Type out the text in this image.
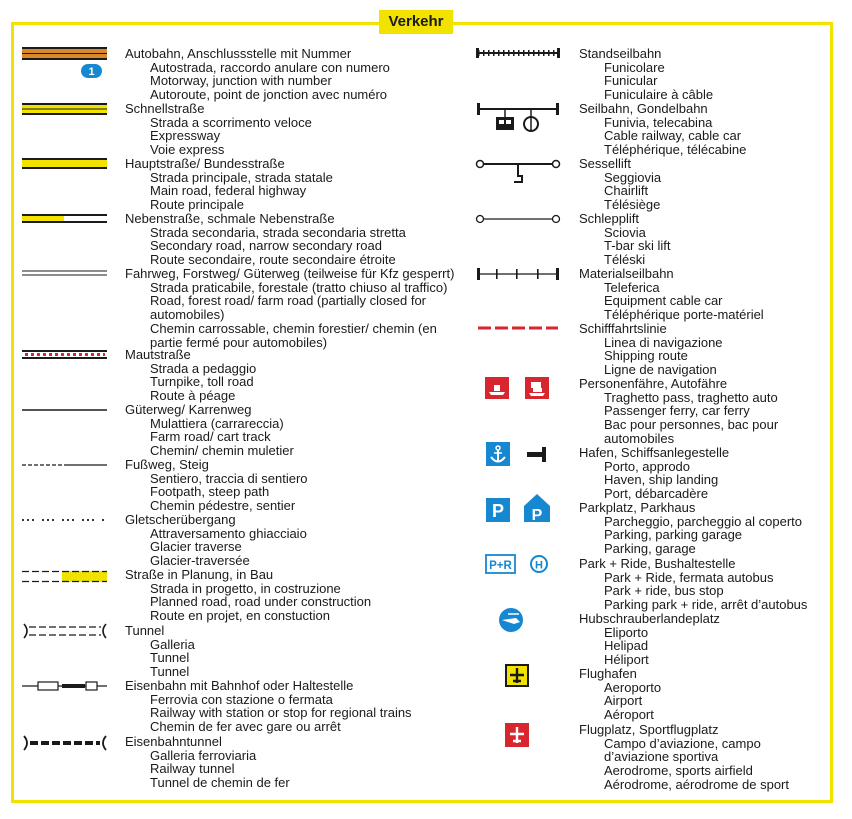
Verkehr
1
P P
P+R H
Autobahn, Anschlussstelle mit Nummer
Autostrada, raccordo anulare con numero
Motorway, junction with number
Autoroute, point de jonction avec numéro
Schnellstraße
Strada a scorrimento veloce
Expressway
Voie express
Hauptstraße/ Bundesstraße
Strada principale, strada statale
Main road, federal highway
Route principale
Nebenstraße, schmale Nebenstraße
Strada secondaria, strada secondaria stretta
Secondary road, narrow secondary road
Route secondaire, route secondaire étroite
Fahrweg, Forstweg/ Güterweg (teilweise für Kfz gesperrt)
Strada praticabile, forestale (tratto chiuso al traffico)
Road, forest road/ farm road (partially closed for automobiles)
Chemin carrossable, chemin forestier/ chemin (en partie fermé pour automobiles)
Mautstraße
Strada a pedaggio
Turnpike, toll road
Route à péage
Güterweg/ Karrenweg
Mulattiera (carrareccia)
Farm road/ cart track
Chemin/ chemin muletier
Fußweg, Steig
Sentiero, traccia di sentiero
Footpath, steep path
Chemin pédestre, sentier
Gletscherübergang
Attraversamento ghiacciaio
Glacier traverse
Glacier-traversée
Straße in Planung, in Bau
Strada in progetto, in costruzione
Planned road, road under construction
Route en projet, en constuction
Tunnel
Galleria
Tunnel
Tunnel
Eisenbahn mit Bahnhof oder Haltestelle
Ferrovia con stazione o fermata
Railway with station or stop for regional trains
Chemin de fer avec gare ou arrêt
Eisenbahntunnel
Galleria ferroviaria
Railway tunnel
Tunnel de chemin de fer
Standseilbahn
Funicolare
Funicular
Funiculaire à câble
Seilbahn, Gondelbahn
Funivia, telecabina
Cable railway, cable car
Téléphérique, télécabine
Sessellift
Seggiovia
Chairlift
Télésiège
Schlepplift
Sciovia
T-bar ski lift
Téléski
Materialseilbahn
Teleferica
Equipment cable car
Téléphérique porte-matériel
Schifffahrtslinie
Linea di navigazione
Shipping route
Ligne de navigation
Personenfähre, Autofähre
Traghetto pass, traghetto auto
Passenger ferry, car ferry
Bac pour personnes, bac pour automobiles
Hafen, Schiffsanlegestelle
Porto, approdo
Haven, ship landing
Port, débarcadère
Parkplatz, Parkhaus
Parcheggio, parcheggio al coperto
Parking, parking garage
Parking, garage
Park + Ride, Bushaltestelle
Park + Ride, fermata autobus
Park + ride, bus stop
Parking park + ride, arrêt d’autobus
Hubschrauberlandeplatz
Eliporto
Helipad
Héliport
Flughafen
Aeroporto
Airport
Aéroport
Flugplatz, Sportflugplatz
Campo d’aviazione, campo d’aviazione sportiva
Aerodrome, sports airfield
Aérodrome, aérodrome de sport
